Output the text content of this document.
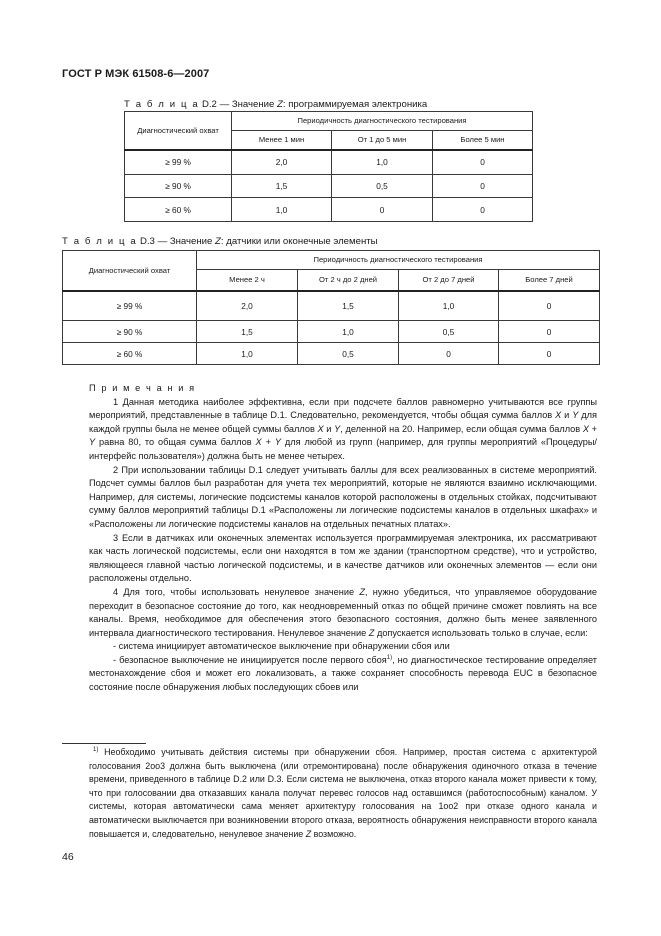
ГОСТ Р МЭК 61508-6—2007
Т а б л и ц а D.2 — Значение Z: программируемая электроника
Диагностический охват	Периодичность диагностического тестирования		
	Менее 1 мин	От 1 до 5 мин	Более 5 мин
≥ 99 %	2,0	1,0	0
≥ 90 %	1,5	0,5	0
≥ 60 %	1,0	0	0
Т а б л и ц а D.3 — Значение Z: датчики или оконечные элементы
Диагностический охват	Периодичность диагностического тестирования			
	Менее 2 ч	От 2 ч до 2 дней	От 2 до 7 дней	Более 7 дней
≥ 99 %	2,0	1,5	1,0	0
≥ 90 %	1,5	1,0	0,5	0
≥ 60 %	1,0	0,5	0	0

П р и м е ч а н и я

1 Данная методика наиболее эффективна, если при подсчете баллов равномерно учитываются все группы мероприятий, представленные в таблице D.1. Следовательно, рекомендуется, чтобы общая сумма баллов X и Y для каждой группы была не менее общей суммы баллов X и Y, деленной на 20. Например, если общая сумма баллов X + Y равна 80, то общая сумма баллов X + Y для любой из групп (например, для группы мероприятий «Процедуры/интерфейс пользователя») должна быть не менее четырех.

2 При использовании таблицы D.1 следует учитывать баллы для всех реализованных в системе мероприятий. Подсчет суммы баллов был разработан для учета тех мероприятий, которые не являются взаимно исключающими. Например, для системы, логические подсистемы каналов которой расположены в отдельных стойках, подсчитывают сумму баллов мероприятий таблицы D.1 «Расположены ли логические подсистемы каналов в отдельных шкафах» и «Расположены ли логические подсистемы каналов на отдельных печатных платах».

3 Если в датчиках или оконечных элементах используется программируемая электроника, их рассматривают как часть логической подсистемы, если они находятся в том же здании (транспортном средстве), что и устройство, являющееся главной частью логической подсистемы, и в качестве датчиков или оконечных элементов — если они расположены отдельно.

4 Для того, чтобы использовать ненулевое значение Z, нужно убедиться, что управляемое оборудование переходит в безопасное состояние до того, как неодновременный отказ по общей причине сможет повлиять на все каналы. Время, необходимое для обеспечения этого безопасного состояния, должно быть менее заявленного интервала диагностического тестирования. Ненулевое значение Z допускается использовать только в случае, если:

- система инициирует автоматическое выключение при обнаружении сбоя или

- безопасное выключение не инициируется после первого сбоя$^{1)}$, но диагностическое тестирование определяет местонахождение сбоя и может его локализовать, а также сохраняет способность перевода EUC в безопасное состояние после обнаружения любых последующих сбоев или

$^{1)}$ Необходимо учитывать действия системы при обнаружении сбоя. Например, простая система с архитектурой голосования 2oo3 должна быть выключена (или отремонтирована) после обнаружения одиночного отказа в течение времени, приведенного в таблице D.2 или D.3. Если система не выключена, отказ второго канала может привести к тому, что при голосовании два отказавших канала получат перевес голосов над оставшимся (работоспособным) каналом. У системы, которая автоматически сама меняет архитектуру голосования на 1oo2 при отказе одного канала и автоматически выключается при возникновении второго отказа, вероятность обнаружения неисправности второго канала повышается и, следовательно, ненулевое значение Z возможно.

46
